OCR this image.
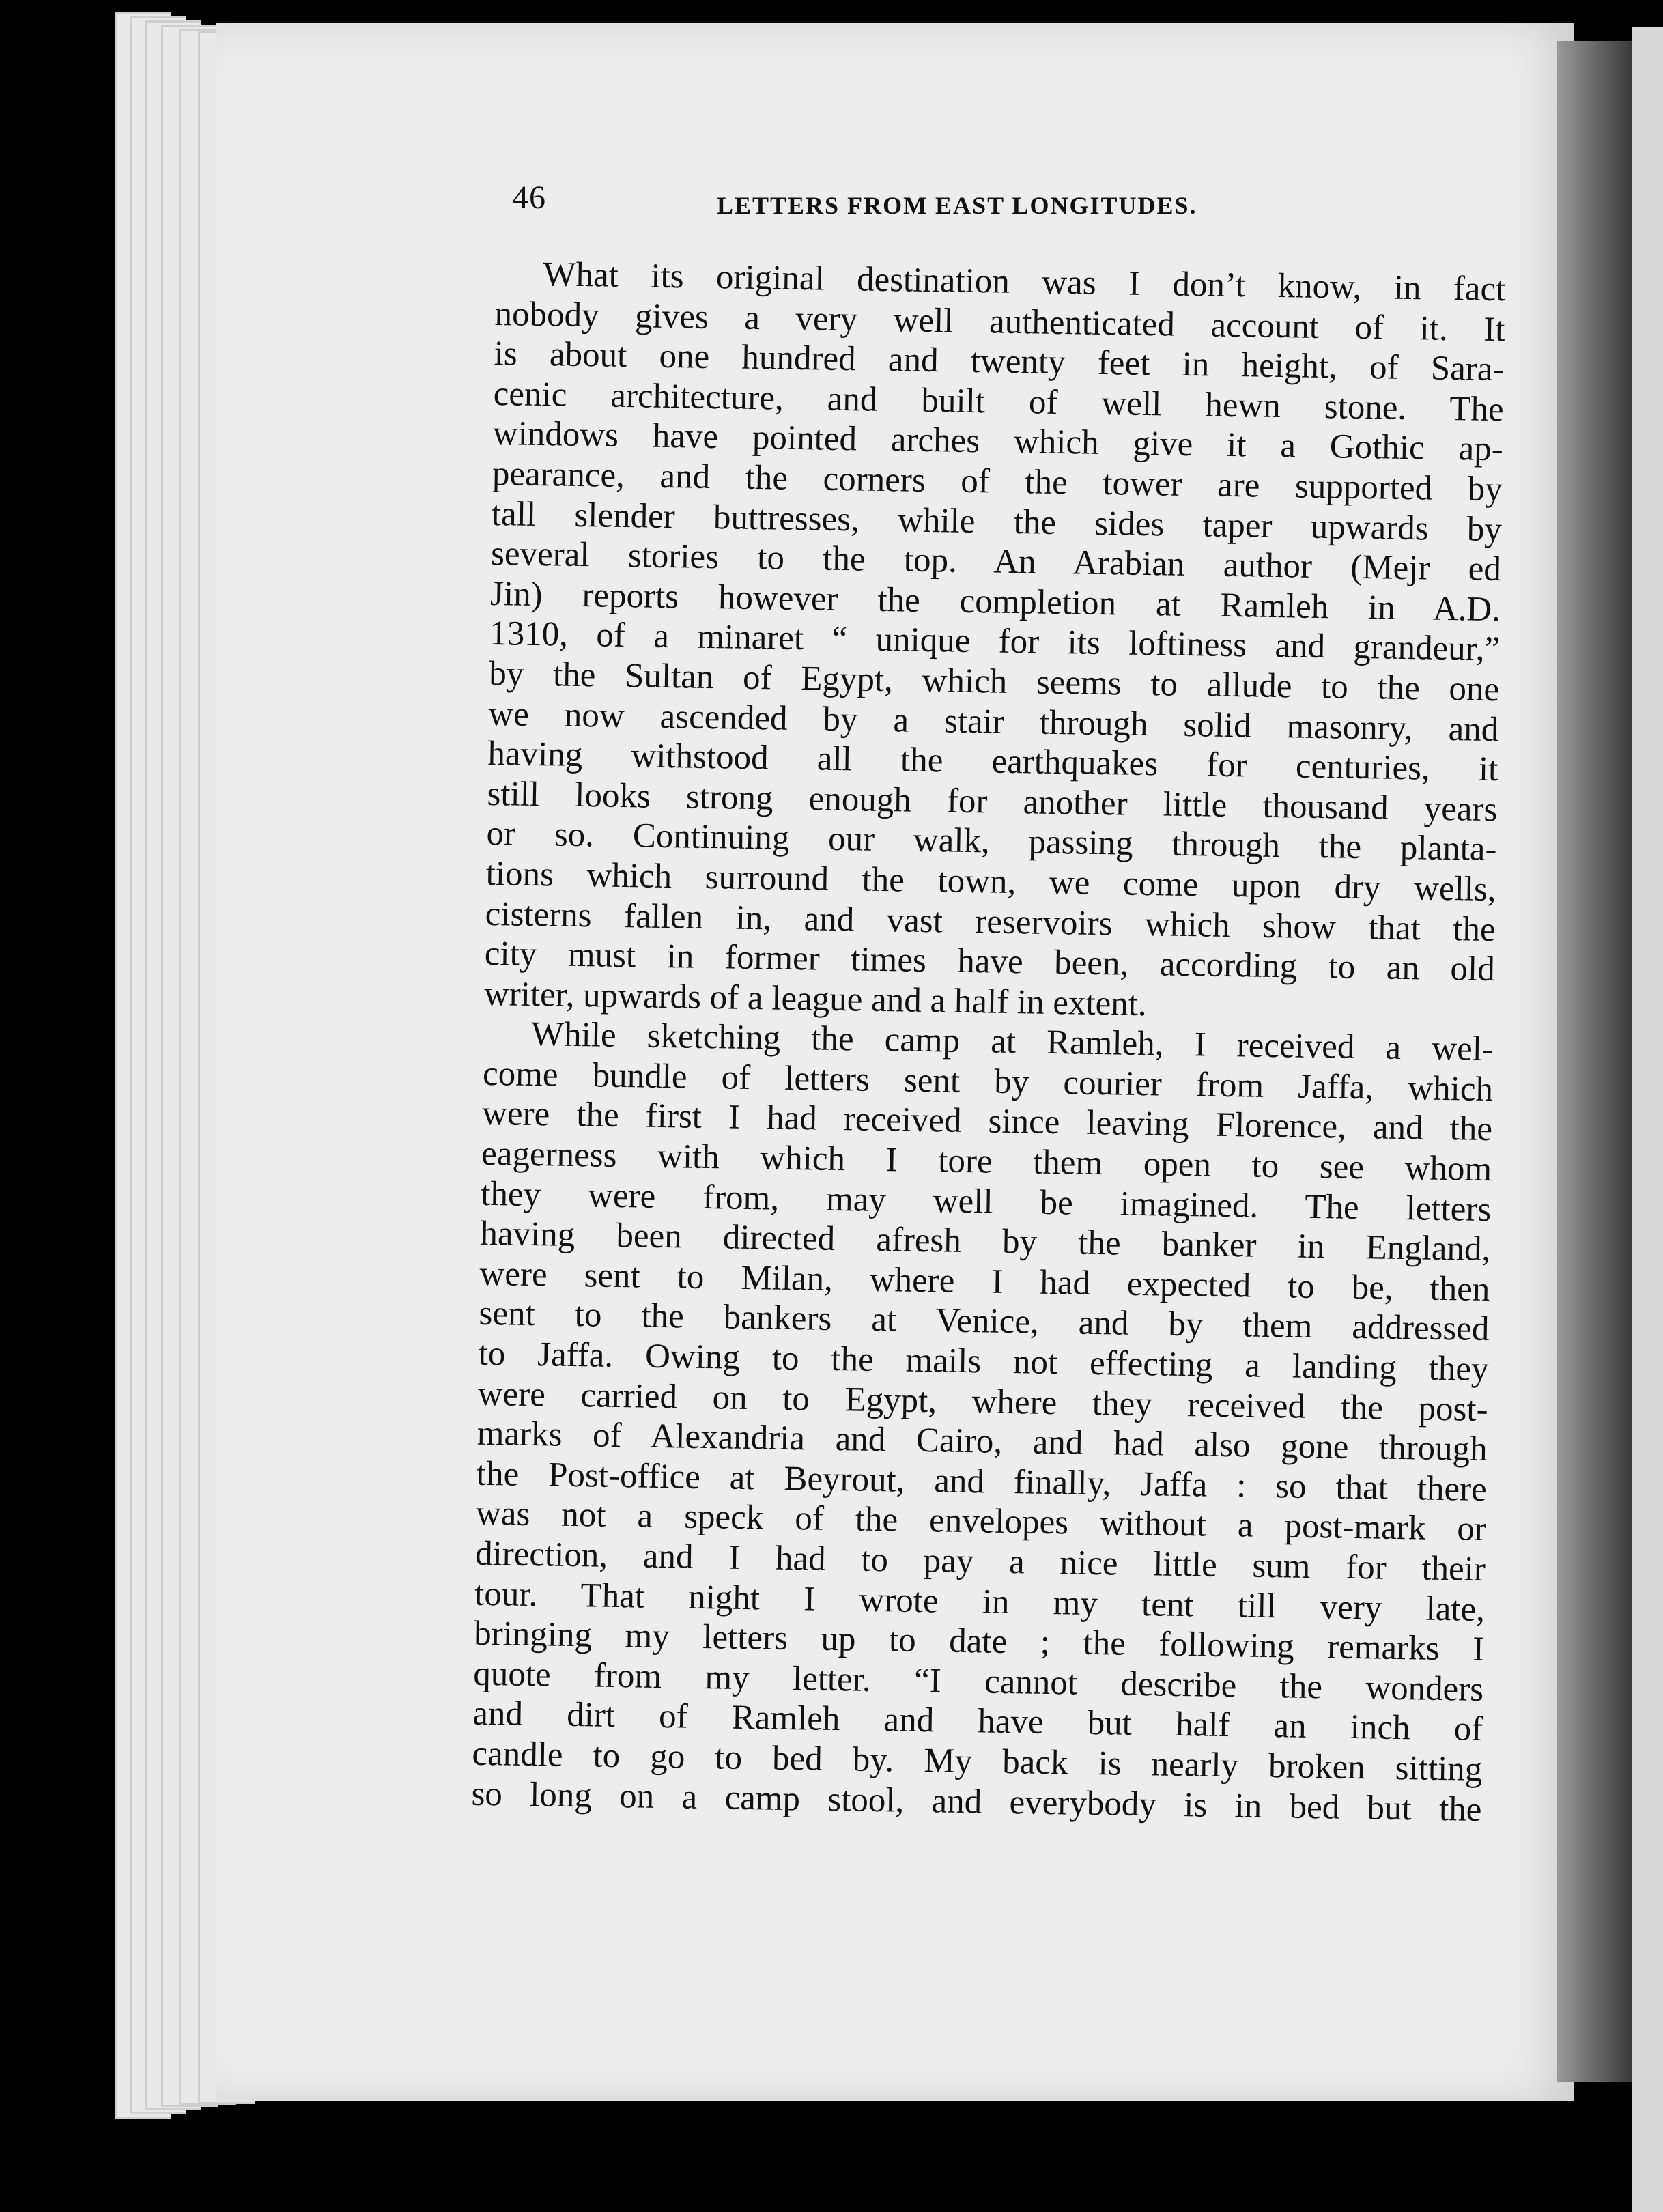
46	LETTERS FROM EAST LONGITUDES.
What its original destination was I don’t know, in fact
nobody gives a very well authenticated account of it. It
is about one hundred and twenty feet in height, of Sara-
cenic architecture, and built of well hewn stone. The
windows have pointed arches which give it a Gothic ap-
pearance, and the corners of the tower are supported by
tall slender buttresses, while the sides taper upwards by
several stories to the top. An Arabian author (Mejr ed
Jin) reports however the completion at Ramleh in A.D.
1310, of a minaret “ unique for its loftiness and grandeur,”
by the Sultan of Egypt, which seems to allude to the one
we now ascended by a stair through solid masonry, and
having withstood all the earthquakes for centuries, it
still looks strong enough for another little thousand years
or so. Continuing our walk, passing through the planta-
tions which surround the town, we come upon dry wells,
cisterns fallen in, and vast reservoirs which show that the
city must in former times have been, according to an old
writer, upwards of a league and a half in extent.
While sketching the camp at Ramleh, I received a wel-
come bundle of letters sent by courier from Jaffa, which
were the first I had received since leaving Florence, and the
eagerness with which I tore them open to see whom
they were from, may well be imagined. The letters
having been directed afresh by the banker in England,
were sent to Milan, where I had expected to be, then
sent to the bankers at Venice, and by them addressed
to Jaffa. Owing to the mails not effecting a landing they
were carried on to Egypt, where they received the post-
marks of Alexandria and Cairo, and had also gone through
the Post-office at Beyrout, and finally, Jaffa : so that there
was not a speck of the envelopes without a post-mark or
direction, and I had to pay a nice little sum for their
tour. That night I wrote in my tent till very late,
bringing my letters up to date ; the following remarks I
quote from my letter. “I cannot describe the wonders
and dirt of Ramleh and have but half an inch of
candle to go to bed by. My back is nearly broken sitting
so long on a camp stool, and everybody is in bed but the
